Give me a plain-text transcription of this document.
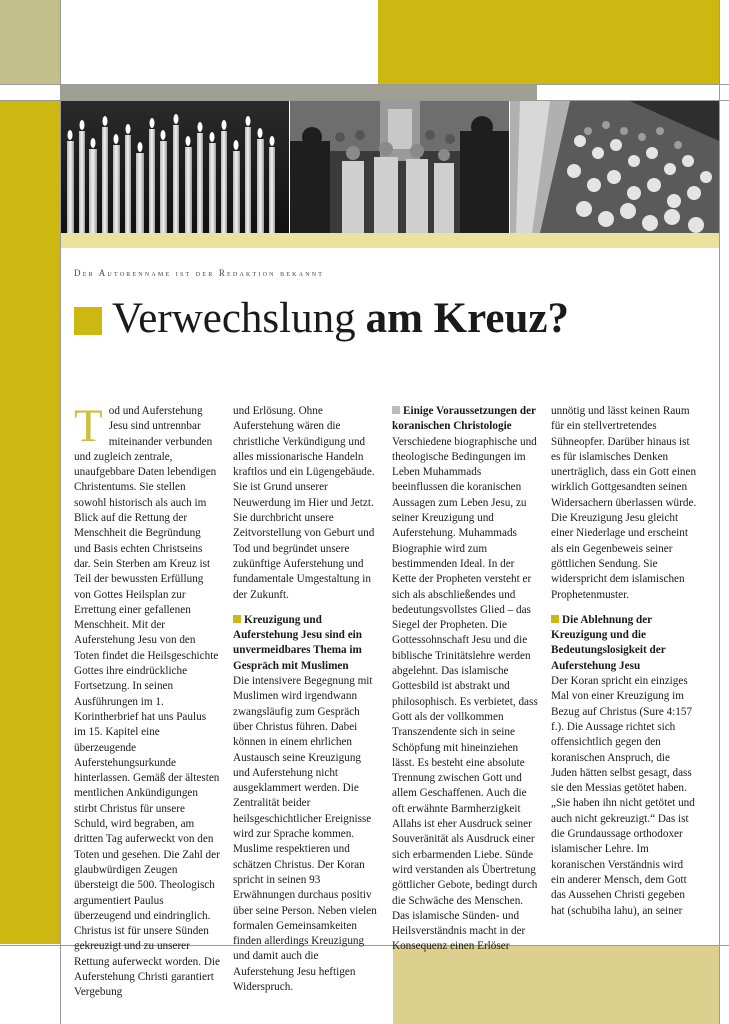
Der Autorenname ist der Redaktion bekannt
Verwechslung am Kreuz?
T od und Auferstehung Jesu sind untrennbar miteinander verbunden und zugleich zentrale, unaufgebbare Daten lebendigen Christentums. Sie stellen sowohl historisch als auch im Blick auf die Rettung der Menschheit die Begründung und Basis echten Christseins dar. Sein Sterben am Kreuz ist Teil der bewussten Erfüllung von Gottes Heilsplan zur Errettung einer gefallenen Menschheit. Mit der Auferstehung Jesu von den Toten findet die Heilsgeschichte Gottes ihre eindrückliche Fortsetzung. In seinen Ausführungen im 1. Korintherbrief hat uns Paulus im 15. Kapitel eine überzeugende Auferstehungsurkunde hinterlassen. Gemäß der ältesten mentlichen Ankündigungen stirbt Christus für unsere Schuld, wird begraben, am dritten Tag auferweckt von den Toten und gesehen. Die Zahl der glaubwürdigen Zeugen übersteigt die 500. Theologisch argumentiert Paulus überzeugend und eindringlich. Christus ist für unsere Sünden gekreuzigt und zu unserer Rettung auferweckt worden. Die Auferstehung Christi garantiert Vergebung

und Erlösung. Ohne Auferstehung wären die christliche Verkündigung und alles missionarische Handeln kraftlos und ein Lügengebäude. Sie ist Grund unserer Neuwerdung im Hier und Jetzt. Sie durchbricht unsere Zeitvorstellung von Geburt und Tod und begründet unsere zukünftige Auferstehung und fundamentale Umgestaltung in der Zukunft.

Kreuzigung und Auferstehung Jesu sind ein unvermeidbares Thema im Gespräch mit Muslimen

Die intensivere Begegnung mit Muslimen wird irgendwann zwangsläufig zum Gespräch über Christus führen. Dabei können in einem ehrlichen Austausch seine Kreuzigung und Auferstehung nicht ausgeklammert werden. Die Zentralität beider heilsgeschichtlicher Ereignisse wird zur Sprache kommen. Muslime respektieren und schätzen Christus. Der Koran spricht in seinen 93 Erwähnungen durchaus positiv über seine Person. Neben vielen formalen Gemeinsamkeiten finden allerdings Kreuzigung und damit auch die Auferstehung Jesu heftigen Widerspruch.

Einige Voraussetzungen der koranischen Christologie

Verschiedene biographische und theologische Bedingungen im Leben Muhammads beeinflussen die koranischen Aussagen zum Leben Jesu, zu seiner Kreuzigung und Auferstehung. Muhammads Biographie wird zum bestimmenden Ideal. In der Kette der Propheten versteht er sich als abschließendes und bedeutungsvollstes Glied – das Siegel der Propheten. Die Gottessohnschaft Jesu und die biblische Trinitätslehre werden abgelehnt. Das islamische Gottesbild ist abstrakt und philosophisch. Es verbietet, dass Gott als der vollkommen Transzendente sich in seine Schöpfung mit hineinziehen lässt. Es besteht eine absolute Trennung zwischen Gott und allem Geschaffenen. Auch die oft erwähnte Barmherzigkeit Allahs ist eher Ausdruck seiner Souveränität als Ausdruck einer sich erbarmenden Liebe. Sünde wird verstanden als Übertretung göttlicher Gebote, bedingt durch die Schwäche des Menschen. Das islamische Sünden- und Heilsverständnis macht in der Konsequenz einen Erlöser

unnötig und lässt keinen Raum für ein stellvertretendes Sühneopfer. Darüber hinaus ist es für islamisches Denken unerträglich, dass ein Gott einen wirklich Gottgesandten seinen Widersachern überlassen würde. Die Kreuzigung Jesu gleicht einer Niederlage und erscheint als ein Gegenbeweis seiner göttlichen Sendung. Sie widerspricht dem islamischen Prophetenmuster.

Die Ablehnung der Kreuzigung und die Bedeutungslosigkeit der Auferstehung Jesu

Der Koran spricht ein einziges Mal von einer Kreuzigung im Bezug auf Christus (Sure 4:157 f.). Die Aussage richtet sich offensichtlich gegen den koranischen Anspruch, die Juden hätten selbst gesagt, dass sie den Messias getötet haben. „Sie haben ihn nicht getötet und auch nicht gekreuzigt.“ Das ist die Grundaussage orthodoxer islamischer Lehre. Im koranischen Verständnis wird ein anderer Mensch, dem Gott das Aussehen Christi gegeben hat (schubiha lahu), an seiner
